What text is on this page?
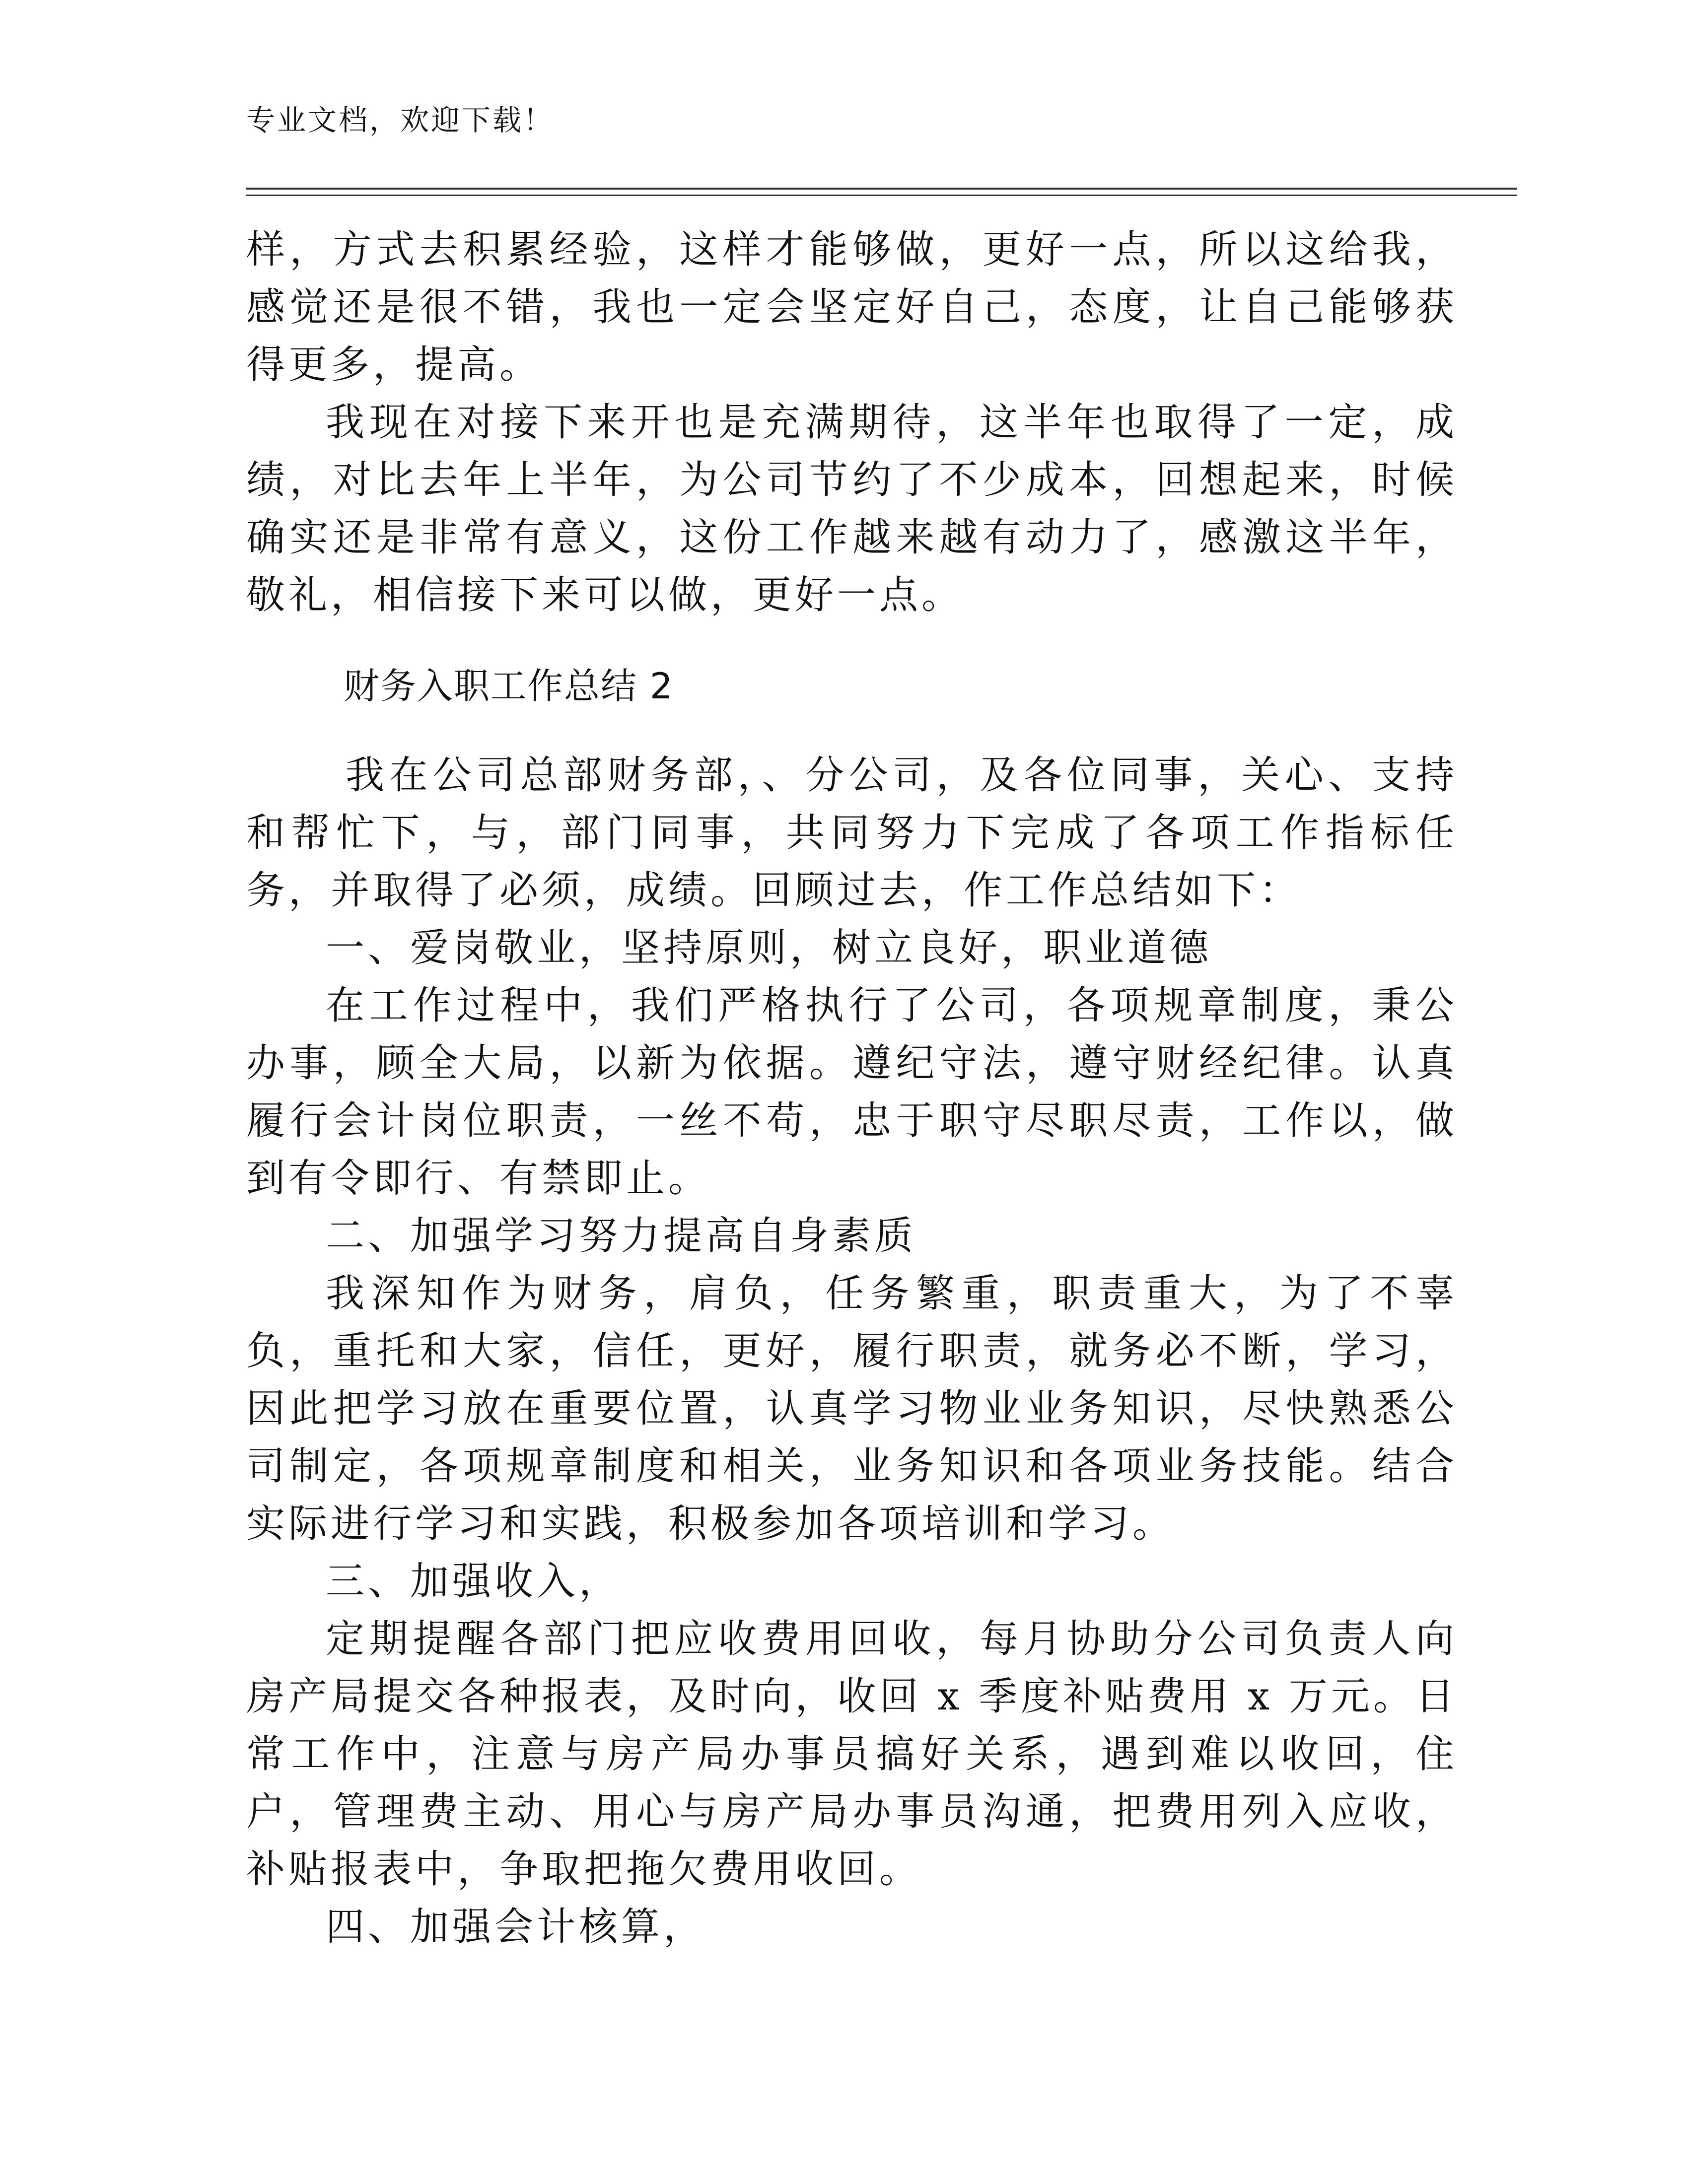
专业文档，欢迎下载！

样，方式去积累经验，这样才能够做，更好一点，所以这给我，感觉还是很不错，我也一定会坚定好自己，态度，让自己能够获得更多，提高。

我现在对接下来开也是充满期待，这半年也取得了一定，成绩，对比去年上半年，为公司节约了不少成本，回想起来，时候确实还是非常有意义，这份工作越来越有动力了，感激这半年，敬礼，相信接下来可以做，更好一点。

财务入职工作总结 2

我在公司总部财务部，、分公司，及各位同事，关心、支持和帮忙下，与，部门同事，共同努力下完成了各项工作指标任务，并取得了必须，成绩。回顾过去，作工作总结如下：

一、爱岗敬业，坚持原则，树立良好，职业道德

在工作过程中，我们严格执行了公司，各项规章制度，秉公办事，顾全大局，以新为依据。遵纪守法，遵守财经纪律。认真履行会计岗位职责，一丝不苟，忠于职守尽职尽责，工作以，做到有令即行、有禁即止。

二、加强学习努力提高自身素质

我深知作为财务，肩负，任务繁重，职责重大，为了不辜负，重托和大家，信任，更好，履行职责，就务必不断，学习，因此把学习放在重要位置，认真学习物业业务知识，尽快熟悉公司制定，各项规章制度和相关，业务知识和各项业务技能。结合实际进行学习和实践，积极参加各项培训和学习。

三、加强收入，

定期提醒各部门把应收费用回收，每月协助分公司负责人向房产局提交各种报表，及时向，收回 x 季度补贴费用 x 万元。日常工作中，注意与房产局办事员搞好关系，遇到难以收回，住户，管理费主动、用心与房产局办事员沟通，把费用列入应收，补贴报表中，争取把拖欠费用收回。

四、加强会计核算，
